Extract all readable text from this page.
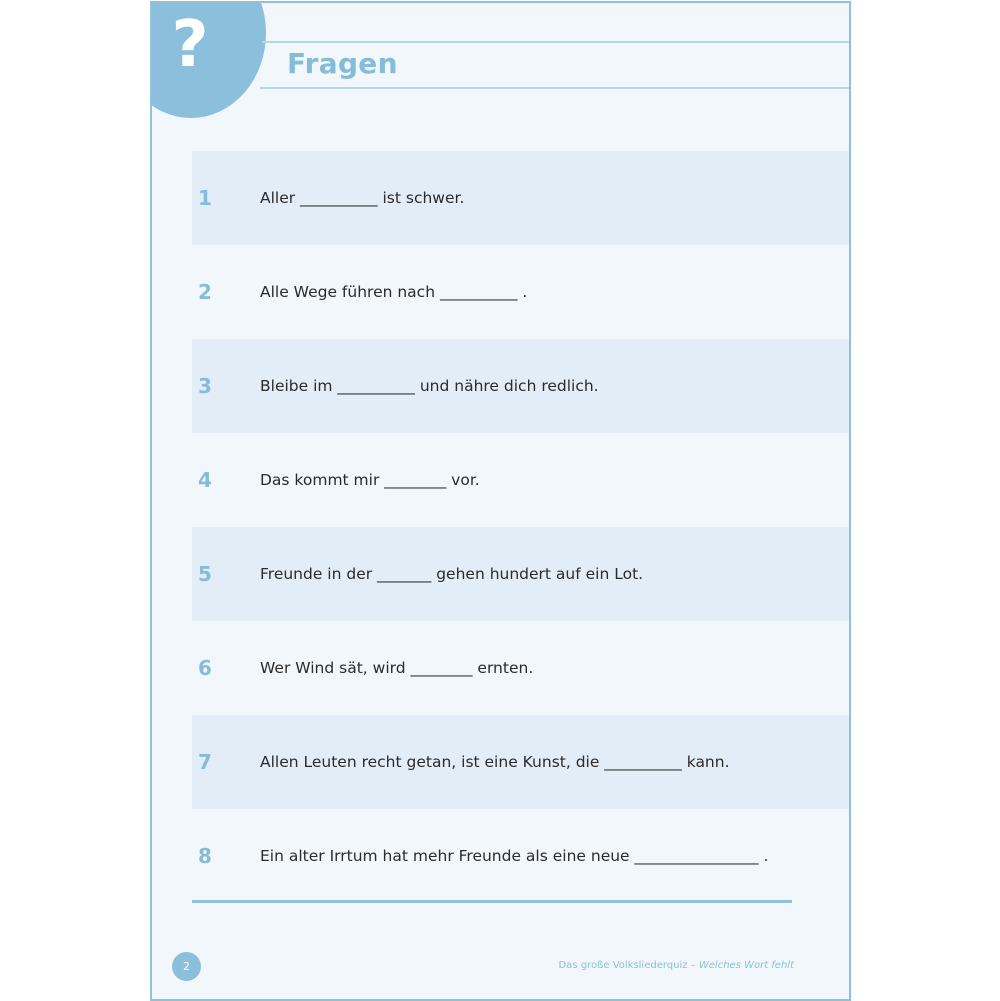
?	Fragen
1	Aller __________ ist schwer.
2	Alle Wege führen nach __________ .
3	Bleibe im __________ und nähre dich redlich.
4	Das kommt mir ________ vor.
5	Freunde in der _______ gehen hundert auf ein Lot.
6	Wer Wind sät, wird ________ ernten.
7	Allen Leuten recht getan, ist eine Kunst, die __________ kann.
8	Ein alter Irrtum hat mehr Freunde als eine neue ________________ .
2	Das große Volksliederquiz – Welches Wort fehlt
